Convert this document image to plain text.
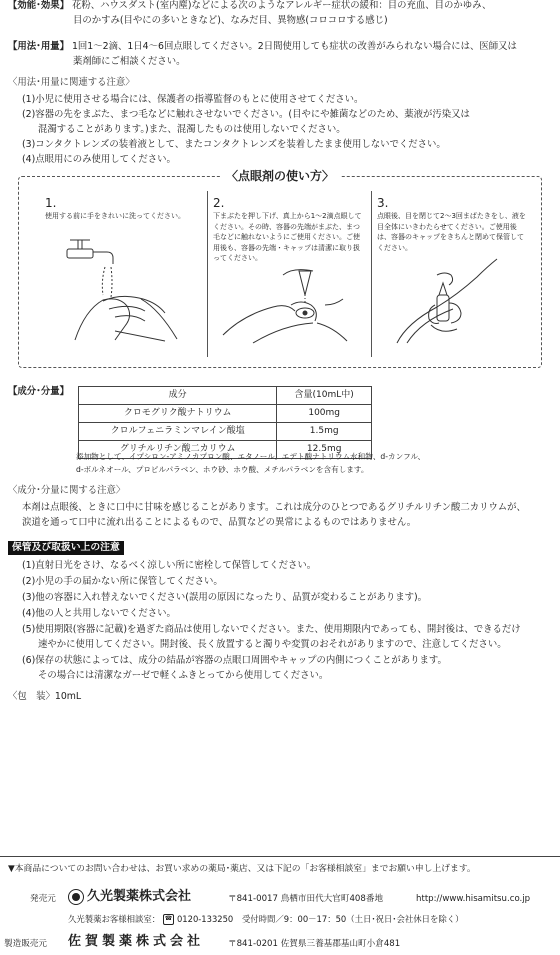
【効能･効果】 花粉、ハウスダスト(室内塵)などによる次のようなアレルギー症状の緩和：目の充血、目のかゆみ、
目のかすみ(目やにの多いときなど)、なみだ目、異物感(コロコロする感じ)
【用法･用量】 1回1～2滴、1日4～6回点眼してください。2日間使用しても症状の改善がみられない場合には、医師又は
薬剤師にご相談ください。
〈用法･用量に関連する注意〉
(1)小児に使用させる場合には、保護者の指導監督のもとに使用させてください。
(2)容器の先をまぶた、まつ毛などに触れさせないでください。(目やにや雑菌などのため、薬液が汚染又は
混濁することがあります。)また、混濁したものは使用しないでください。
(3)コンタクトレンズの装着液として、またコンタクトレンズを装着したまま使用しないでください。
(4)点眼用にのみ使用してください。
〈点眼剤の使い方〉
1.
使用する前に手をきれいに洗ってください。
2.
下まぶたを押し下げ、真上から1～2滴点眼してください。その時、容器の先端がまぶた、まつ毛などに触れないようにご使用ください。ご使用後も、容器の先端・キャップは清潔に取り扱ってください。
3.
点眼後、目を閉じて2～3回まばたきをし、液を目全体にいきわたらせてください。ご使用後は、容器のキャップをきちんと閉めて保管してください。
【成分･分量】	成分	含量(10mL中)
クロモグリク酸ナトリウム	100mg
クロルフェニラミンマレイン酸塩	1.5mg
グリチルリチン酸二カリウム	12.5mg
添加物として、イプシロン-アミノカプロン酸、エタノール、エデト酸ナトリウム水和物、d-カンフル、
d-ボルネオール、プロピルパラベン、ホウ砂、ホウ酸、メチルパラベンを含有します。
〈成分･分量に関する注意〉
本剤は点眼後、ときに口中に甘味を感じることがあります。これは成分のひとつであるグリチルリチン酸二カリウムが、
涙道を通って口中に流れ出ることによるもので、品質などの異常によるものではありません。
保管及び取扱い上の注意
(1)直射日光をさけ、なるべく涼しい所に密栓して保管してください。
(2)小児の手の届かない所に保管してください。
(3)他の容器に入れ替えないでください(誤用の原因になったり、品質が変わることがあります)。
(4)他の人と共用しないでください。
(5)使用期限(容器に記載)を過ぎた商品は使用しないでください。また、使用期限内であっても、開封後は、できるだけ
速やかに使用してください。開封後、長く放置すると濁りや変質のおそれがありますので、注意してください。
(6)保存の状態によっては、成分の結晶が容器の点眼口周囲やキャップの内側につくことがあります。
その場合には清潔なガーゼで軽くふきとってから使用してください。
〈包　装〉10mL
▼本商品についてのお問い合わせは、お買い求めの薬局･薬店、又は下記の「お客様相談室」までお願い申し上げます。
発売元	久光製薬株式会社	〒841-0017 鳥栖市田代大官町408番地	http://www.hisamitsu.co.jp
久光製薬お客様相談室： ☎ 0120-133250 受付時間／9：00－17：50（土日･祝日･会社休日を除く）
製造販売元 佐賀製薬株式会社	〒841-0201 佐賀県三養基郡基山町小倉481
